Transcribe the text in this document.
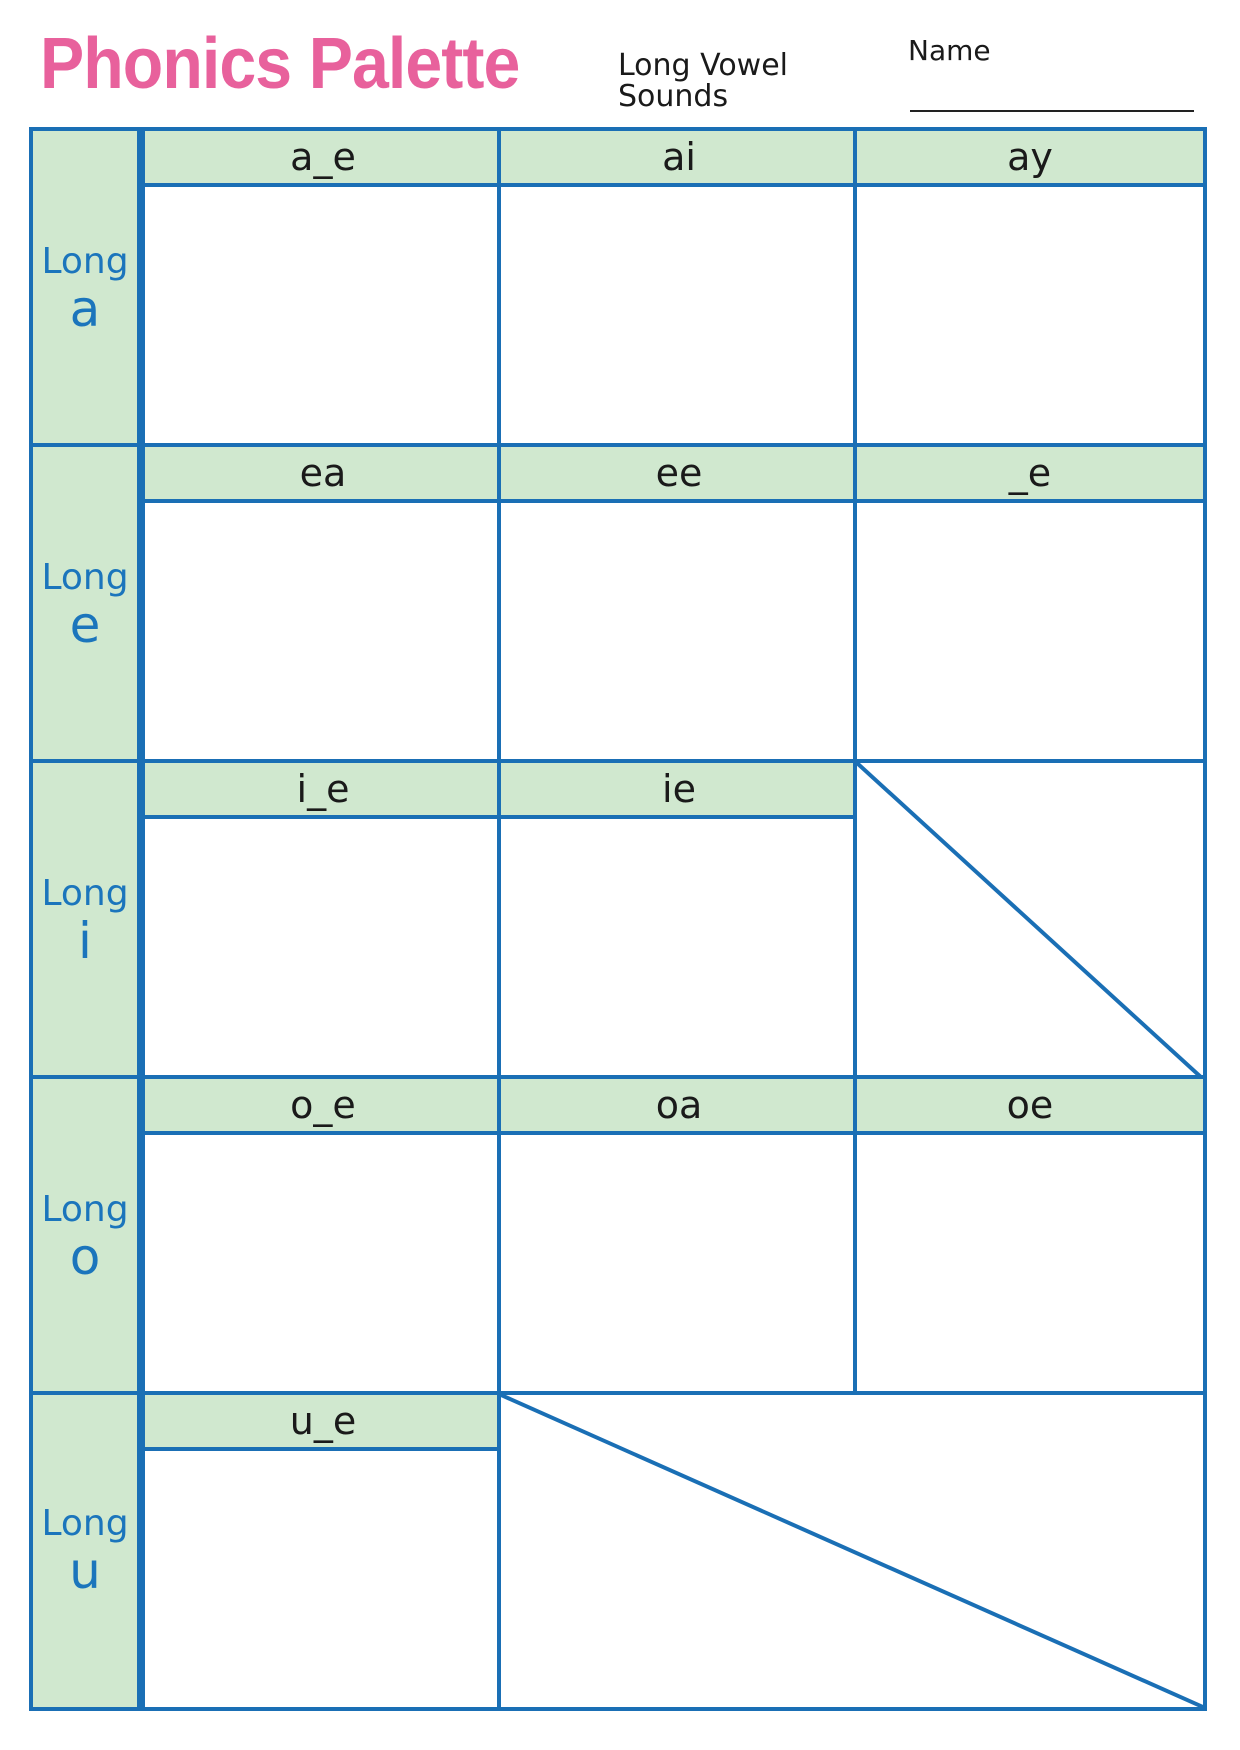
Phonics Palette	Long Vowel Sounds
Name
Long
a
a_e	ai	ay
Long
e
ea	ee	_e
Long
i
i_e	ie
Long
o
o_e	oa	oe
Long
u
u_e
